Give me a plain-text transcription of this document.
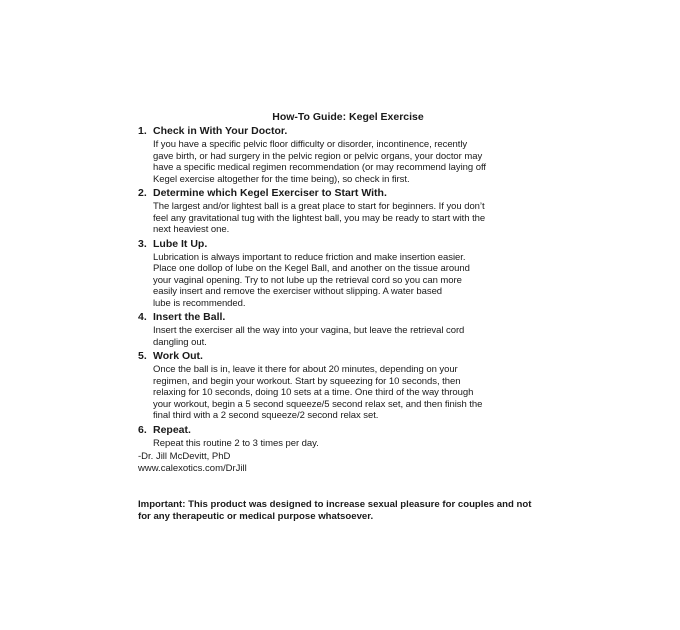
How-To Guide: Kegel Exercise
1. Check in With Your Doctor.

If you have a specific pelvic floor difficulty or disorder, incontinence, recently

gave birth, or had surgery in the pelvic region or pelvic organs, your doctor may

have a specific medical regimen recommendation (or may recommend laying off

Kegel exercise altogether for the time being), so check in first.

2. Determine which Kegel Exerciser to Start With.

The largest and/or lightest ball is a great place to start for beginners. If you don’t

feel any gravitational tug with the lightest ball, you may be ready to start with the

next heaviest one.

3. Lube It Up.

Lubrication is always important to reduce friction and make insertion easier.

Place one dollop of lube on the Kegel Ball, and another on the tissue around

your vaginal opening. Try to not lube up the retrieval cord so you can more

easily insert and remove the exerciser without slipping. A water based

lube is recommended.

4. Insert the Ball.

Insert the exerciser all the way into your vagina, but leave the retrieval cord

dangling out.

5. Work Out.

Once the ball is in, leave it there for about 20 minutes, depending on your

regimen, and begin your workout. Start by squeezing for 10 seconds, then

relaxing for 10 seconds, doing 10 sets at a time. One third of the way through

your workout, begin a 5 second squeeze/5 second relax set, and then finish the

final third with a 2 second squeeze/2 second relax set.

6. Repeat.

Repeat this routine 2 to 3 times per day.

-Dr. Jill McDevitt, PhD

www.calexotics.com/DrJill

Important: This product was designed to increase sexual pleasure for couples and not
for any therapeutic or medical purpose whatsoever.
